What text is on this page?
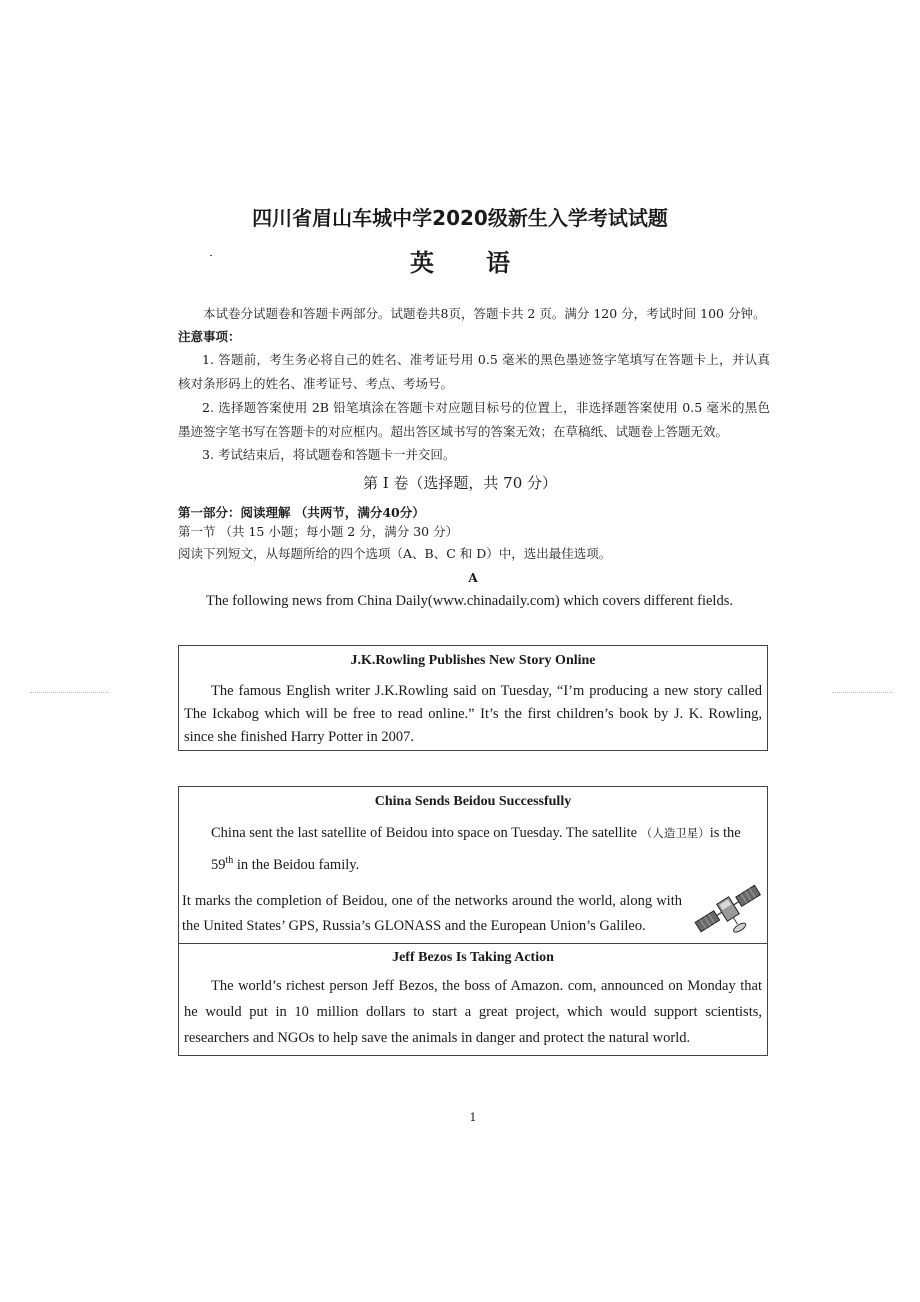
四川省眉山车城中学2020级新生入学考试试题
英 语
本试卷分试题卷和答题卡两部分。试题卷共8页，答题卡共 2 页。满分 120 分，考试时间 100 分钟。
注意事项：
1. 答题前，考生务必将自己的姓名、准考证号用 0.5 毫米的黑色墨迹签字笔填写在答题卡上，并认真核对条形码上的姓名、准考证号、考点、考场号。
2. 选择题答案使用 2B 铅笔填涂在答题卡对应题目标号的位置上，非选择题答案使用 0.5 毫米的黑色墨迹签字笔书写在答题卡的对应框内。超出答区域书写的答案无效；在草稿纸、试题卷上答题无效。
3. 考试结束后，将试题卷和答题卡一并交回。
第 I 卷（选择题，共 70 分）
第一部分：阅读理解 （共两节，满分40分）
第一节 （共 15 小题；每小题 2 分，满分 30 分）
阅读下列短文，从每题所给的四个选项（A、B、C 和 D）中，选出最佳选项。
A
The following news from China Daily(www.chinadaily.com) which covers different fields.
J.K.Rowling Publishes New Story Online
The famous English writer J.K.Rowling said on Tuesday, “I’m producing a new story called The Ickabog which will be free to read online.” It’s the first children’s book by J. K. Rowling, since she finished Harry Potter in 2007.
China Sends Beidou Successfully
China sent the last satellite of Beidou into space on Tuesday. The satellite （人造卫星）is the
59th in the Beidou family.
It marks the completion of Beidou, one of the networks around the world, along with the United States’ GPS, Russia’s GLONASS and the European Union’s Galileo.
Jeff Bezos Is Taking Action
The world’s richest person Jeff Bezos, the boss of Amazon. com, announced on Monday that he would put in 10 million dollars to start a great project, which would support scientists, researchers and NGOs to help save the animals in danger and protect the natural world.
1
